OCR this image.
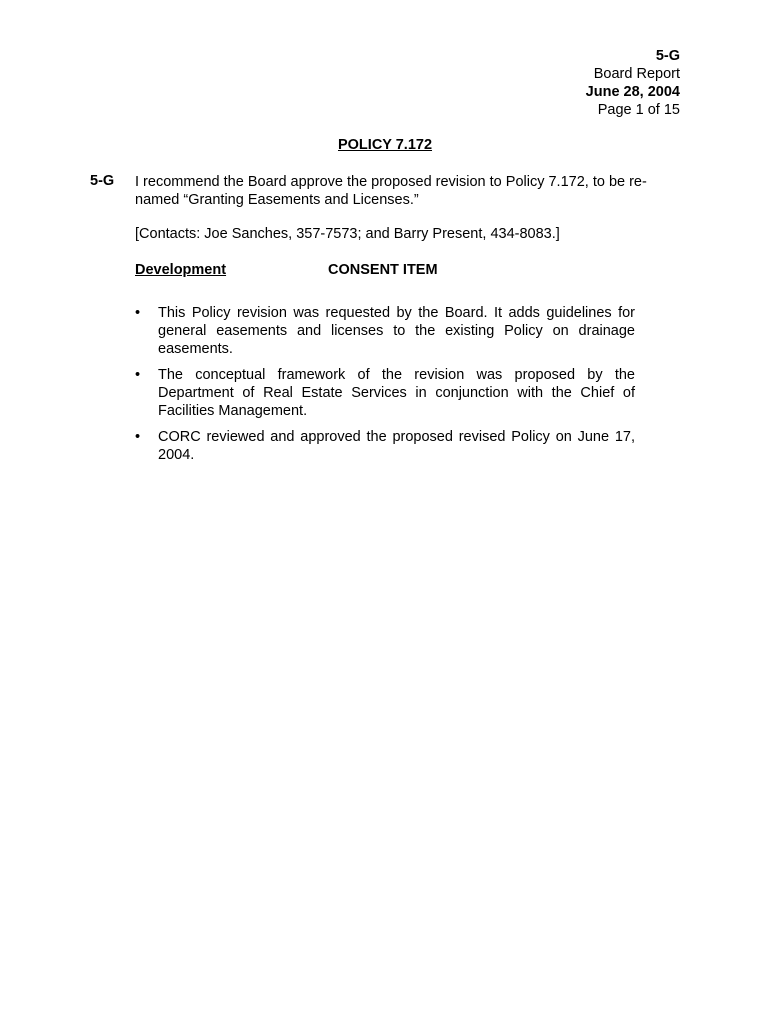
5-G
Board Report
June 28, 2004
Page 1 of 15
POLICY 7.172
5-G I recommend the Board approve the proposed revision to Policy 7.172, to be re-
named “Granting Easements and Licenses.”
[Contacts: Joe Sanches, 357-7573; and Barry Present, 434-8083.]
Development	CONSENT ITEM
• This Policy revision was requested by the Board. It adds guidelines for general easements and licenses to the existing Policy on drainage easements.
• The conceptual framework of the revision was proposed by the Department of Real Estate Services in conjunction with the Chief of Facilities Management.
• CORC reviewed and approved the proposed revised Policy on June 17, 2004.
